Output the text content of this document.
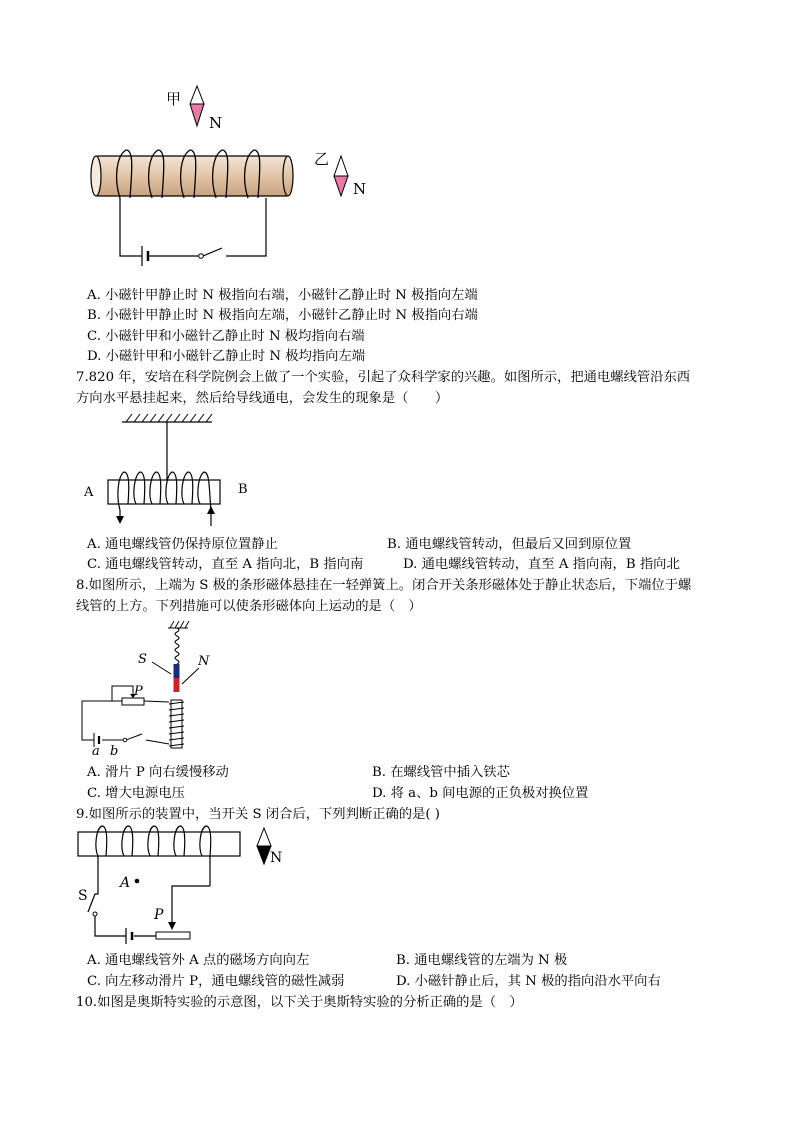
甲
N
乙
N
A. 小磁针甲静止时 N 极指向右端，小磁针乙静止时 N 极指向左端
B. 小磁针甲静止时 N 极指向左端，小磁针乙静止时 N 极指向右端
C. 小磁针甲和小磁针乙静止时 N 极均指向右端
D. 小磁针甲和小磁针乙静止时 N 极均指向左端
7.820 年，安培在科学院例会上做了一个实验，引起了众科学家的兴趣。如图所示，把通电螺线管沿东西
方向水平悬挂起来，然后给导线通电，会发生的现象是（　　）
A	B
A. 通电螺线管仍保持原位置静止	B. 通电螺线管转动，但最后又回到原位置
C. 通电螺线管转动，直至 A 指向北，B 指向南	D. 通电螺线管转动，直至 A 指向南，B 指向北
8.如图所示，上端为 S 极的条形磁体悬挂在一轻弹簧上。闭合开关条形磁体处于静止状态后，下端位于螺
线管的上方。下列措施可以使条形磁体向上运动的是（　）
S	N
P
a b
A. 滑片 P 向右缓慢移动	B. 在螺线管中插入铁芯
C. 增大电源电压	D. 将 a、b 间电源的正负极对换位置
9.如图所示的装置中，当开关 S 闭合后，下列判断正确的是( )
N
S
A
P
A. 通电螺线管外 A 点的磁场方向向左	B. 通电螺线管的左端为 N 极
C. 向左移动滑片 P，通电螺线管的磁性减弱	D. 小磁针静止后，其 N 极的指向沿水平向右
10.如图是奥斯特实验的示意图，以下关于奥斯特实验的分析正确的是（　）
